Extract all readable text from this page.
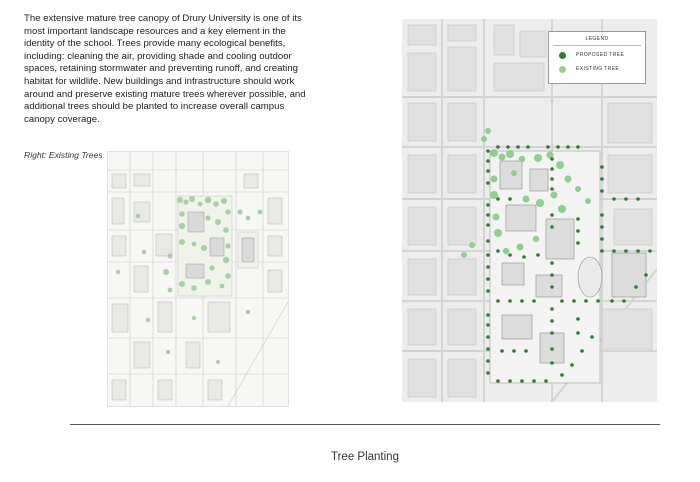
The extensive mature tree canopy of Drury University is one of its most important landscape resources and a key element in the identity of the school. Trees provide many ecological benefits, including: cleaning the air, providing shade and cooling outdoor spaces, retaining stormwater and preventing runoff, and creating habitat for wildlife. New buildings and infrastructure should work around and preserve existing mature trees wherever possible, and additional trees should be planted to increase overall campus canopy coverage.

Right: Existing Trees
LEGEND
PROPOSED TREE
EXISTING TREE
Tree Planting
